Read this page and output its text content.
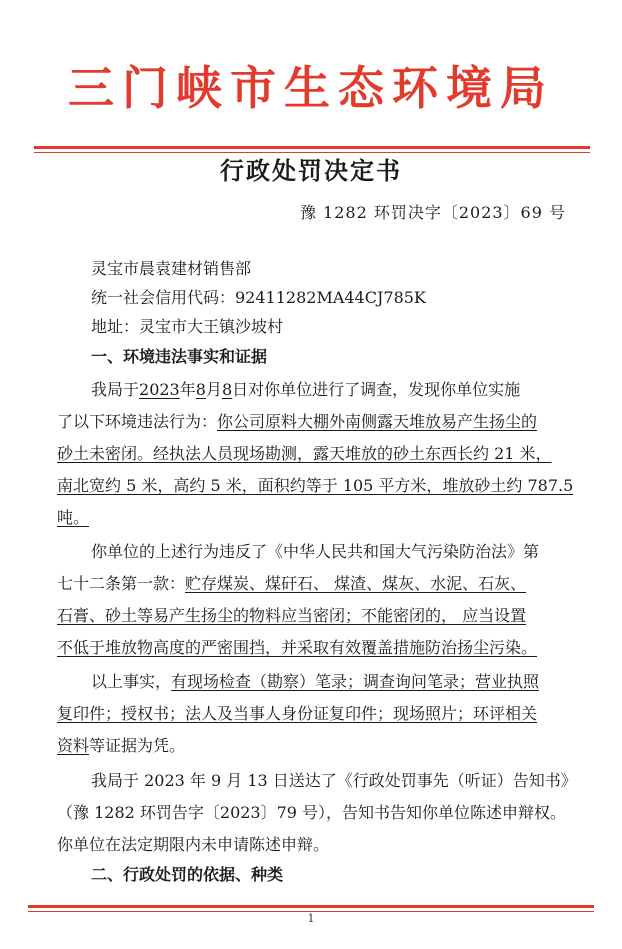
三门峡市生态环境局
行政处罚决定书
豫 1282 环罚决字〔2023〕69 号
灵宝市晨袁建材销售部
统一社会信用代码：92411282MA44CJ785K
地址：灵宝市大王镇沙坡村
一、环境违法事实和证据
我局于2023年8月8日对你单位进行了调查，发现你单位实施
了以下环境违法行为：你公司原料大棚外南侧露天堆放易产生扬尘的
砂土未密闭。经执法人员现场勘测，露天堆放的砂土东西长约 21 米，
南北宽约 5 米，高约 5 米，面积约等于 105 平方米，堆放砂土约 787.5
吨。
你单位的上述行为违反了《中华人民共和国大气污染防治法》第
七十二条第一款：贮存煤炭、煤矸石、 煤渣、煤灰、水泥、石灰、
石膏、砂土等易产生扬尘的物料应当密闭；不能密闭的， 应当设置
不低于堆放物高度的严密围挡，并采取有效覆盖措施防治扬尘污染。
以上事实，有现场检查（勘察）笔录；调查询问笔录；营业执照
复印件；授权书；法人及当事人身份证复印件；现场照片；环评相关
资料等证据为凭。
我局于 2023 年 9 月 13 日送达了《行政处罚事先（听证）告知书》
（豫 1282 环罚告字〔2023〕79 号），告知书告知你单位陈述申辩权。
你单位在法定期限内未申请陈述申辩。
二、行政处罚的依据、种类
1
